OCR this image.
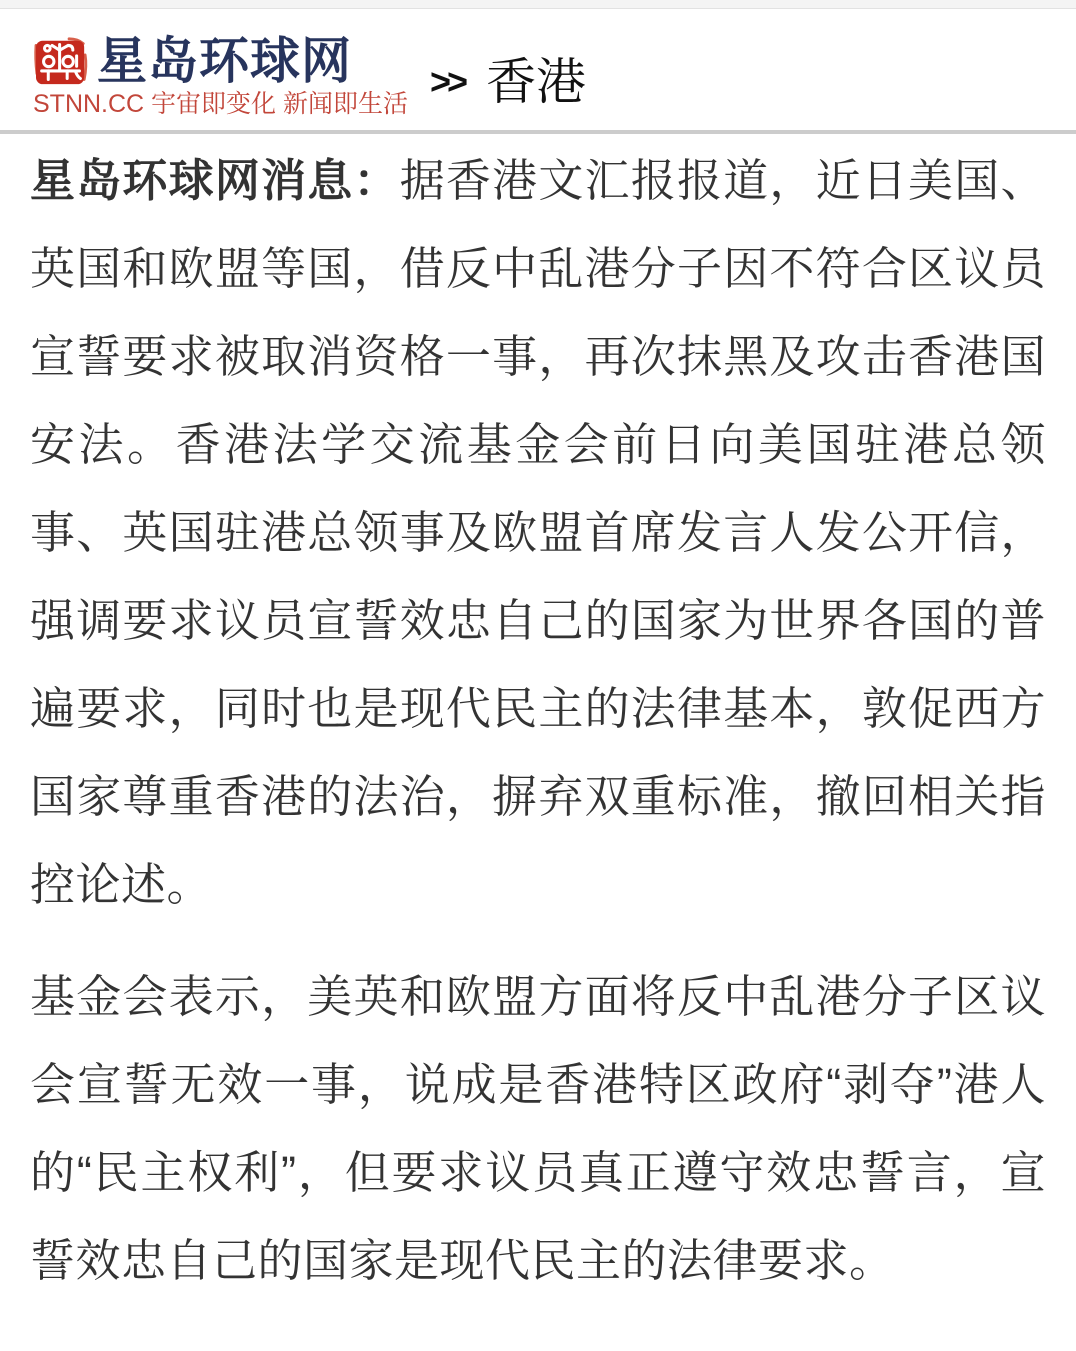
星岛环球网
STNN.CC 宇宙即变化 新闻即生活
>> 香港

星岛环球网消息：据香港文汇报报道，近日美国、英国和欧盟等国，借反中乱港分子因不符合区议员宣誓要求被取消资格一事，再次抹黑及攻击香港国安法。香港法学交流基金会前日向美国驻港总领事、英国驻港总领事及欧盟首席发言人发公开信，强调要求议员宣誓效忠自己的国家为世界各国的普遍要求，同时也是现代民主的法律基本，敦促西方国家尊重香港的法治，摒弃双重标准，撤回相关指控论述。

基金会表示，美英和欧盟方面将反中乱港分子区议会宣誓无效一事，说成是香港特区政府“剥夺”港人的“民主权利”，但要求议员真正遵守效忠誓言，宣誓效忠自己的国家是现代民主的法律要求。
